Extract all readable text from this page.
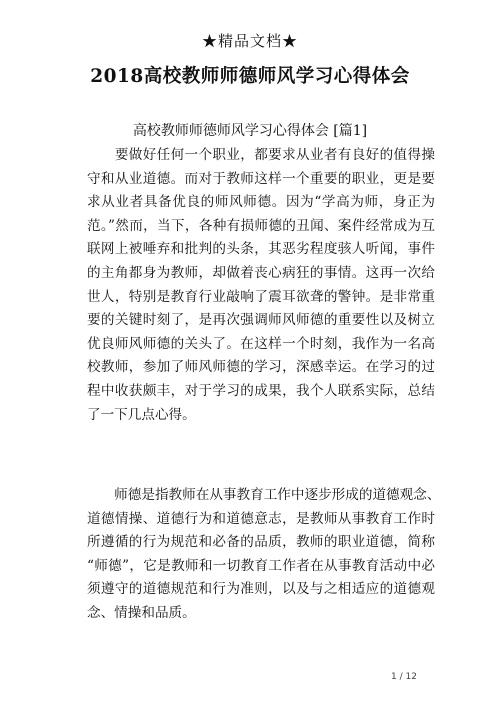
★精品文档★
2018高校教师师德师风学习心得体会
高校教师师德师风学习心得体会 [篇1]

　　要做好任何一个职业，都要求从业者有良好的值得操
守和从业道德。而对于教师这样一个重要的职业，更是要
求从业者具备优良的师风师德。因为“学高为师，身正为
范。”然而，当下，各种有损师德的丑闻、案件经常成为互
联网上被唾弃和批判的头条，其恶劣程度骇人听闻，事件
的主角都身为教师，却做着丧心病狂的事情。这再一次给
世人，特别是教育行业敲响了震耳欲聋的警钟。是非常重
要的关键时刻了，是再次强调师风师德的重要性以及树立
优良师风师德的关头了。在这样一个时刻，我作为一名高
校教师，参加了师风师德的学习，深感幸运。在学习的过
程中收获颇丰，对于学习的成果，我个人联系实际，总结
了一下几点心得。

　　师德是指教师在从事教育工作中逐步形成的道德观念、
道德情操、道德行为和道德意志，是教师从事教育工作时
所遵循的行为规范和必备的品质，教师的职业道德，简称
“师德”，它是教师和一切教育工作者在从事教育活动中必
须遵守的道德规范和行为准则，以及与之相适应的道德观
念、情操和品质。

1 / 12
